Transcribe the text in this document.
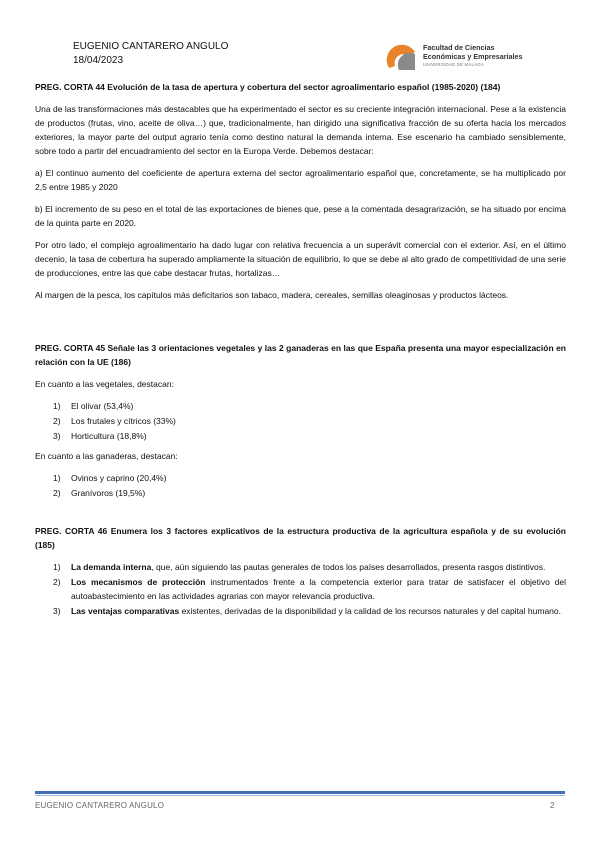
EUGENIO CANTARERO ANGULO
18/04/2023
Facultad de Ciencias
Económicas y Empresariales
UNIVERSIDAD DE MÁLAGA

PREG. CORTA 44 Evolución de la tasa de apertura y cobertura del sector agroalimentario español (1985-2020) (184)

Una de las transformaciones más destacables que ha experimentado el sector es su creciente integración internacional. Pese a la existencia de productos (frutas, vino, aceite de oliva…) que, tradicionalmente, han dirigido una significativa fracción de su oferta hacia los mercados exteriores, la mayor parte del output agrario tenía como destino natural la demanda interna. Ese escenario ha cambiado sensiblemente, sobre todo a partir del encuadramiento del sector en la Europa Verde. Debemos destacar:

a) El continuo aumento del coeficiente de apertura externa del sector agroalimentario español que, concretamente, se ha multiplicado por 2,5 entre 1985 y 2020

b) El incremento de su peso en el total de las exportaciones de bienes que, pese a la comentada desagrarización, se ha situado por encima de la quinta parte en 2020.

Por otro lado, el complejo agroalimentario ha dado lugar con relativa frecuencia a un superávit comercial con el exterior. Así, en el último decenio, la tasa de cobertura ha superado ampliamente la situación de equilibrio, lo que se debe al alto grado de competitividad de una serie de producciones, entre las que cabe destacar frutas, hortalizas…

Al margen de la pesca, los capítulos más deficitarios son tabaco, madera, cereales, semillas oleaginosas y productos lácteos.

PREG. CORTA 45 Señale las 3 orientaciones vegetales y las 2 ganaderas en las que España presenta una mayor especialización en relación con la UE (186)

En cuanto a las vegetales, destacan:

1) El olivar (53,4%)
2) Los frutales y cítricos (33%)
3) Horticultura (18,8%)

En cuanto a las ganaderas, destacan:

1) Ovinos y caprino (20,4%)
2) Granívoros (19,5%)

PREG. CORTA 46 Enumera los 3 factores explicativos de la estructura productiva de la agricultura española y de su evolución (185)

1) La demanda interna, que, aún siguiendo las pautas generales de todos los países desarrollados, presenta rasgos distintivos.
2) Los mecanismos de protección instrumentados frente a la competencia exterior para tratar de satisfacer el objetivo del autoabastecimiento en las actividades agrarias con mayor relevancia productiva.
3) Las ventajas comparativas existentes, derivadas de la disponibilidad y la calidad de los recursos naturales y del capital humano.
EUGENIO CANTARERO ANGULO	2
